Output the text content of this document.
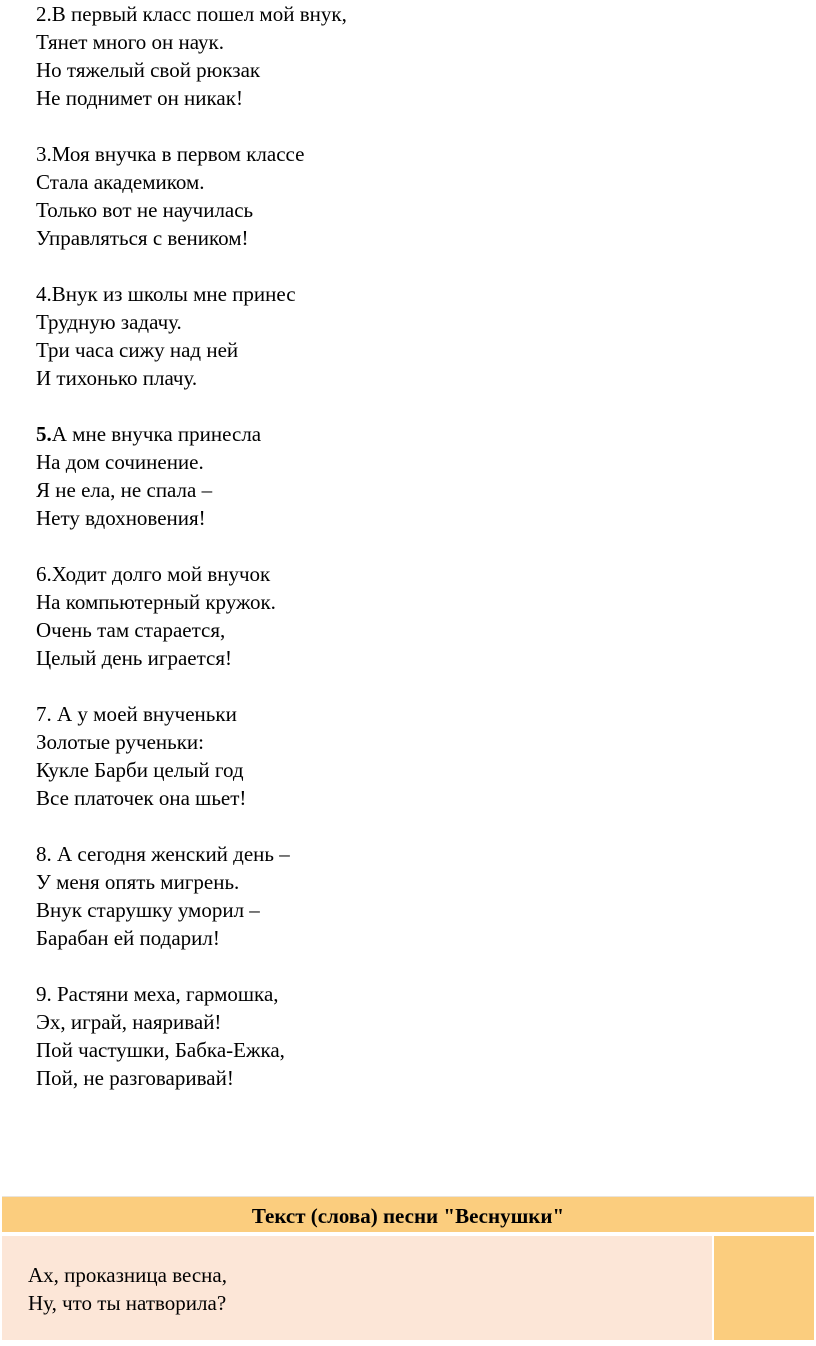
2.В первый класс пошел мой внук,
Тянет много он наук.
Но тяжелый свой рюкзак
Не поднимет он никак!
3.Моя внучка в первом классе
Стала академиком.
Только вот не научилась
Управляться с веником!
4.Внук из школы мне принес
Трудную задачу.
Три часа сижу над ней
И тихонько плачу.
5.А мне внучка принесла
На дом сочинение.
Я не ела, не спала –
Нету вдохновения!
6.Ходит долго мой внучок
На компьютерный кружок.
Очень там старается,
Целый день играется!
7. А у моей внученьки
Золотые рученьки:
Кукле Барби целый год
Все платочек она шьет!
8. А сегодня женский день –
У меня опять мигрень.
Внук старушку уморил –
Барабан ей подарил!
9. Растяни меха, гармошка,
Эх, играй, наяривай!
Пой частушки, Бабка-Ежка,
Пой, не разговаривай!
Текст (слова) песни "Веснушки"
Ах, проказница весна,
Ну, что ты натворила?
